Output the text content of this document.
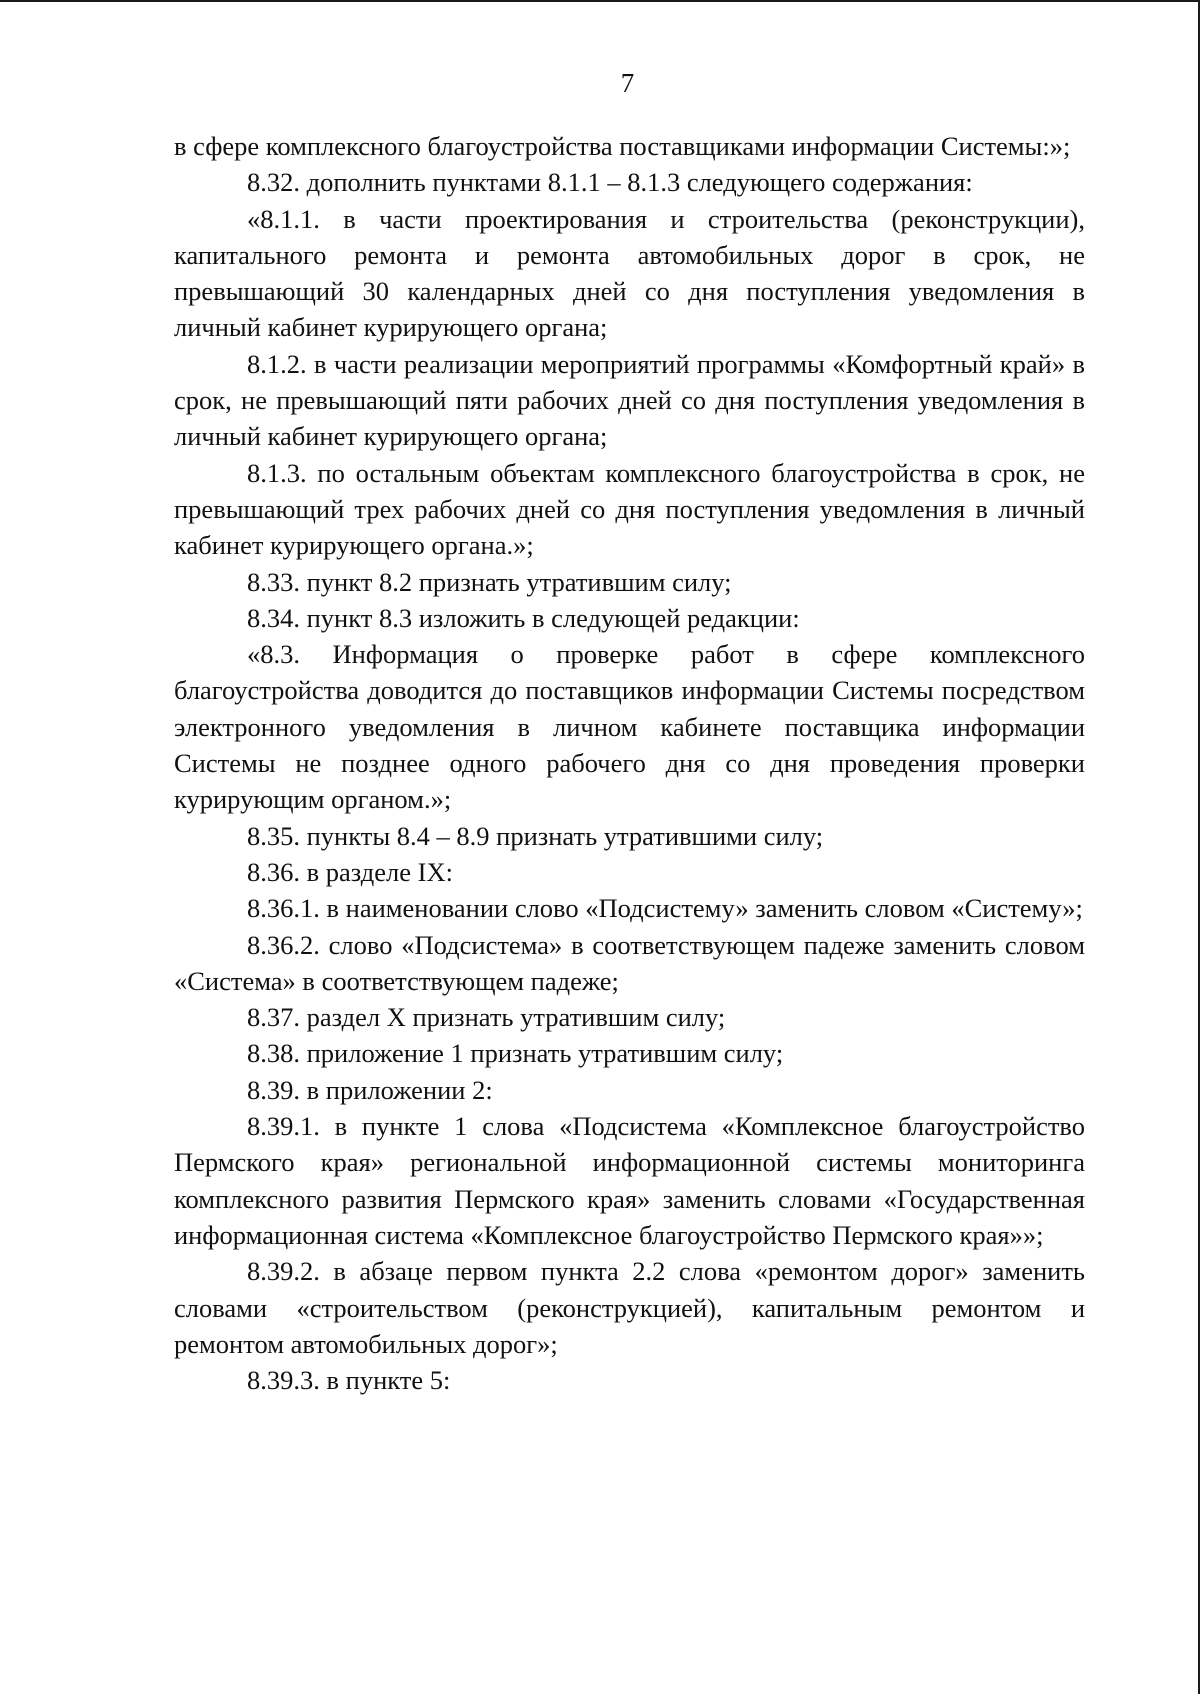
7

в сфере комплексного благоустройства поставщиками информации Системы:»;

8.32. дополнить пунктами 8.1.1 – 8.1.3 следующего содержания:

«8.1.1. в части проектирования и строительства (реконструкции), капитального ремонта и ремонта автомобильных дорог в срок, не превышающий 30 календарных дней со дня поступления уведомления в личный кабинет курирующего органа;

8.1.2. в части реализации мероприятий программы «Комфортный край» в срок, не превышающий пяти рабочих дней со дня поступления уведомления в личный кабинет курирующего органа;

8.1.3. по остальным объектам комплексного благоустройства в срок, не превышающий трех рабочих дней со дня поступления уведомления в личный кабинет курирующего органа.»;

8.33. пункт 8.2 признать утратившим силу;

8.34. пункт 8.3 изложить в следующей редакции:

«8.3. Информация о проверке работ в сфере комплексного благоустройства доводится до поставщиков информации Системы посредством электронного уведомления в личном кабинете поставщика информации Системы не позднее одного рабочего дня со дня проведения проверки курирующим органом.»;

8.35. пункты 8.4 – 8.9 признать утратившими силу;

8.36. в разделе IX:

8.36.1. в наименовании слово «Подсистему» заменить словом «Систему»;

8.36.2. слово «Подсистема» в соответствующем падеже заменить словом «Система» в соответствующем падеже;

8.37. раздел X признать утратившим силу;

8.38. приложение 1 признать утратившим силу;

8.39. в приложении 2:

8.39.1. в пункте 1 слова «Подсистема «Комплексное благоустройство Пермского края» региональной информационной системы мониторинга комплексного развития Пермского края» заменить словами «Государственная информационная система «Комплексное благоустройство Пермского края»»;

8.39.2. в абзаце первом пункта 2.2 слова «ремонтом дорог» заменить словами «строительством (реконструкцией), капитальным ремонтом и ремонтом автомобильных дорог»;

8.39.3. в пункте 5:
